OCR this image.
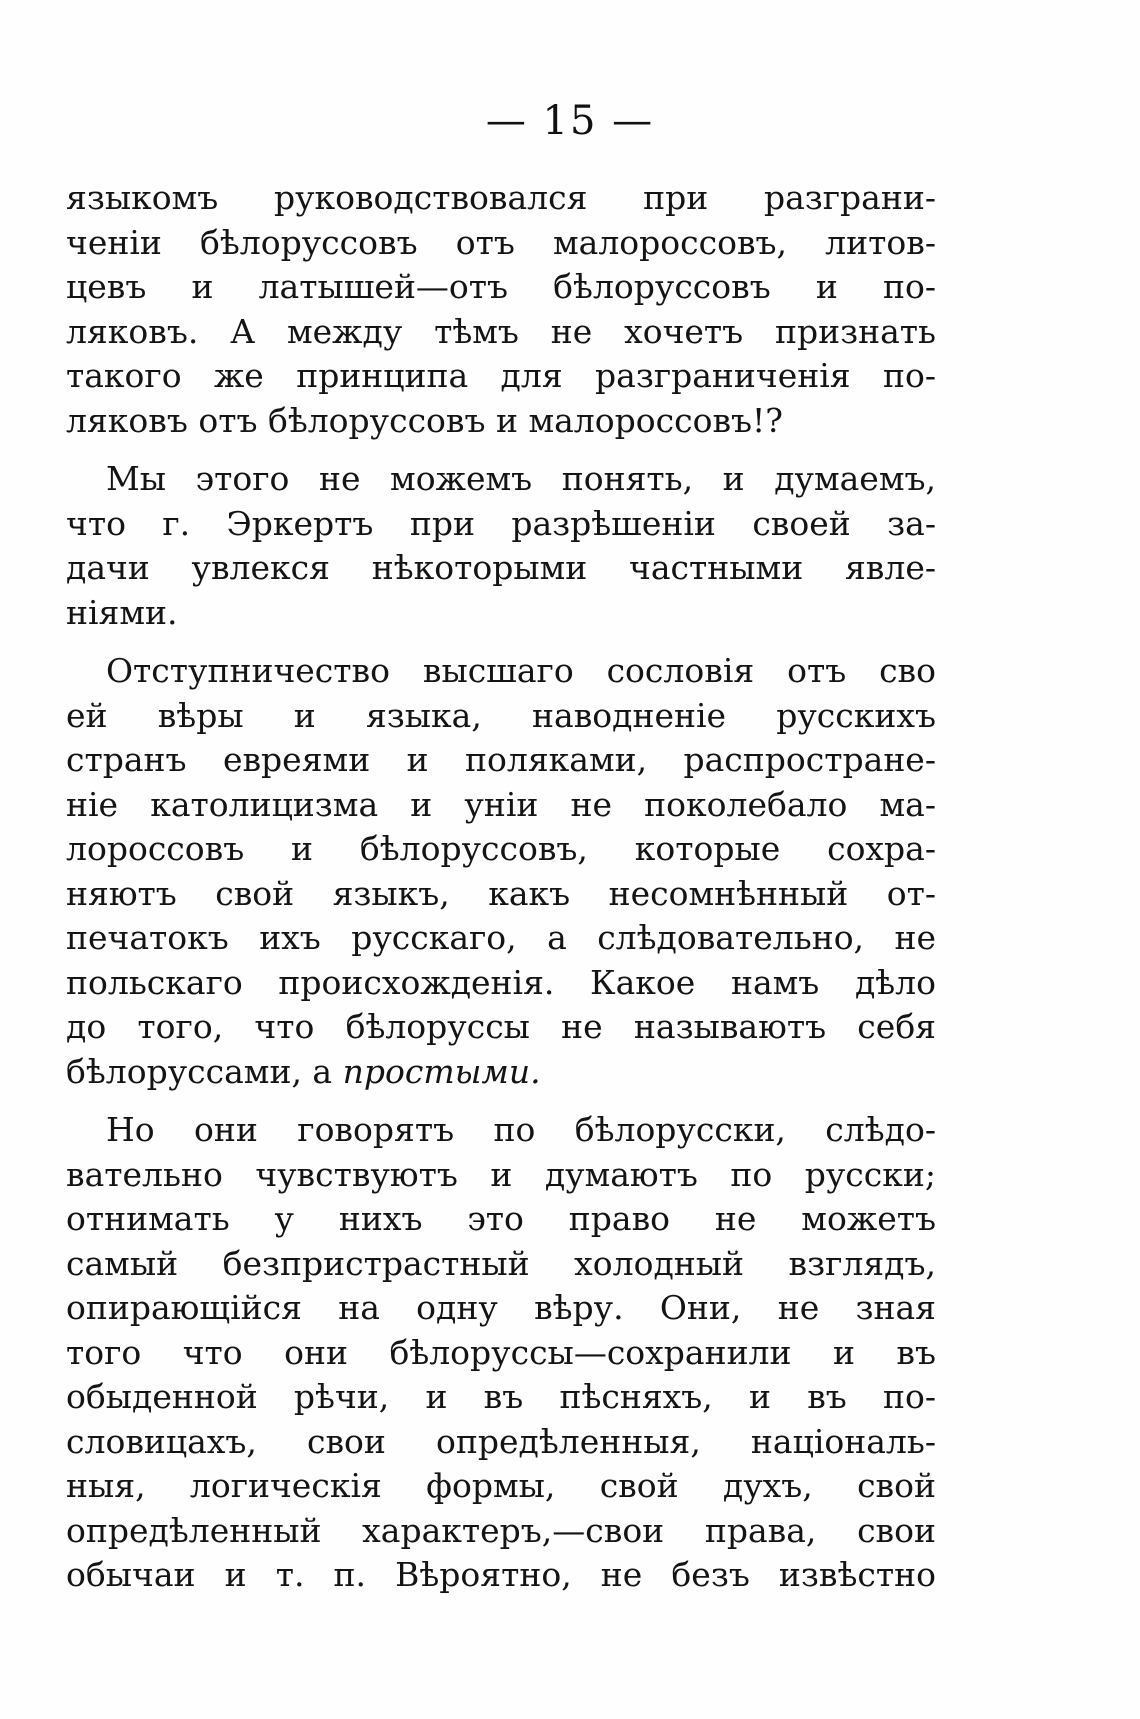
— 15 —

языкомъ руководствовался при разграни-
ченіи бѣлоруссовъ отъ малороссовъ, литов-
цевъ и латышей—отъ бѣлоруссовъ и по-
ляковъ. А между тѣмъ не хочетъ признать
такого же принципа для разграниченія по-
ляковъ отъ бѣлоруссовъ и малороссовъ!?

Мы этого не можемъ понять, и думаемъ,
что г. Эркертъ при разрѣшеніи своей за-
дачи увлекся нѣкоторыми частными явле-
ніями.

Отступничество высшаго сословія отъ сво
ей вѣры и языка, наводненіе русскихъ
странъ евреями и поляками, распростране-
ніе католицизма и уніи не поколебало ма-
лороссовъ и бѣлоруссовъ, которые сохра-
няютъ свой языкъ, какъ несомнѣнный от-
печатокъ ихъ русскаго, а слѣдовательно, не
польскаго происхожденія. Какое намъ дѣло
до того, что бѣлоруссы не называютъ себя
бѣлоруссами, а простыми.

Но они говорятъ по бѣлорусски, слѣдо-
вательно чувствуютъ и думаютъ по русски;
отнимать у нихъ это право не можетъ
самый безпристрастный холодный взглядъ,
опирающійся на одну вѣру. Они, не зная
того что они бѣлоруссы—сохранили и въ
обыденной рѣчи, и въ пѣсняхъ, и въ по-
словицахъ, свои опредѣленныя, національ-
ныя, логическія формы, свой духъ, свой
опредѣленный характеръ,—свои права, свои
обычаи и т. п. Вѣроятно, не безъ извѣстно
